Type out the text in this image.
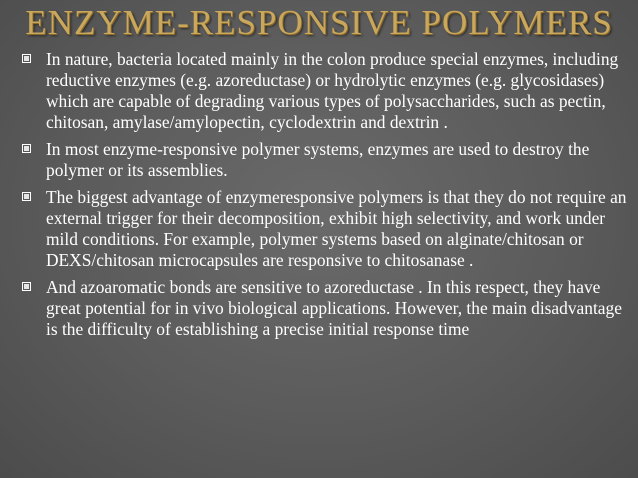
ENZYME-RESPONSIVE POLYMERS
In nature, bacteria located mainly in the colon produce special enzymes, including reductive enzymes (e.g. azoreductase) or hydrolytic enzymes (e.g. glycosidases) which are capable of degrading various types of polysaccharides, such as pectin, chitosan, amylase/amylopectin, cyclodextrin and dextrin .
In most enzyme-responsive polymer systems, enzymes are used to destroy the polymer or its assemblies.
The biggest advantage of enzymeresponsive polymers is that they do not require an external trigger for their decomposition, exhibit high selectivity, and work under mild conditions. For example, polymer systems based on alginate/chitosan or DEXS/chitosan microcapsules are responsive to chitosanase .
And azoaromatic bonds are sensitive to azoreductase . In this respect, they have great potential for in vivo biological applications. However, the main disadvantage is the difficulty of establishing a precise initial response time
